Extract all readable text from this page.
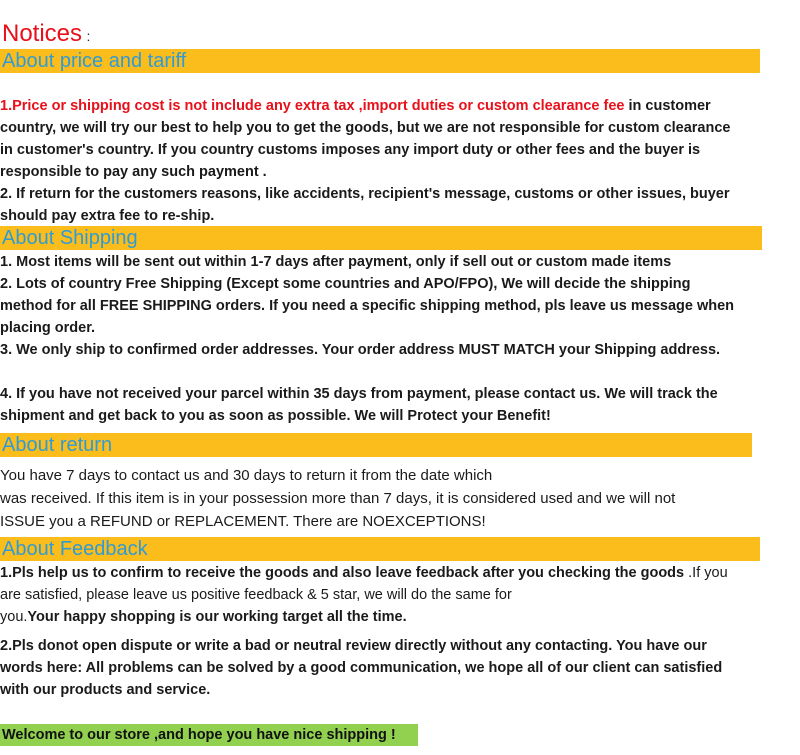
Notices :
About price and tariff
1.Price or shipping cost is not include any extra tax ,import duties or custom clearance fee in customer
country, we will try our best to help you to get the goods, but we are not responsible for custom clearance
in customer's country. If you country customs imposes any import duty or other fees and the buyer is
responsible to pay any such payment .
2. If return for the customers reasons, like accidents, recipient's message, customs or other issues, buyer
should pay extra fee to re-ship.
About Shipping
1. Most items will be sent out within 1-7 days after payment, only if sell out or custom made items
2. Lots of country Free Shipping (Except some countries and APO/FPO), We will decide the shipping
method for all FREE SHIPPING orders. If you need a specific shipping method, pls leave us message when
placing order.
3. We only ship to confirmed order addresses. Your order address MUST MATCH your Shipping address.
4. If you have not received your parcel within 35 days from payment, please contact us. We will track the
shipment and get back to you as soon as possible. We will Protect your Benefit!
About return
You have 7 days to contact us and 30 days to return it from the date which
was received. If this item is in your possession more than 7 days, it is considered used and we will not
ISSUE you a REFUND or REPLACEMENT. There are NOEXCEPTIONS!
About Feedback
1.Pls help us to confirm to receive the goods and also leave feedback after you checking the goods .If you
are satisfied, please leave us positive feedback & 5 star, we will do the same for
you.Your happy shopping is our working target all the time.
2.Pls donot open dispute or write a bad or neutral review directly without any contacting. You have our
words here: All problems can be solved by a good communication, we hope all of our client can satisfied
with our products and service.
Welcome to our store ,and hope you have nice shipping !
